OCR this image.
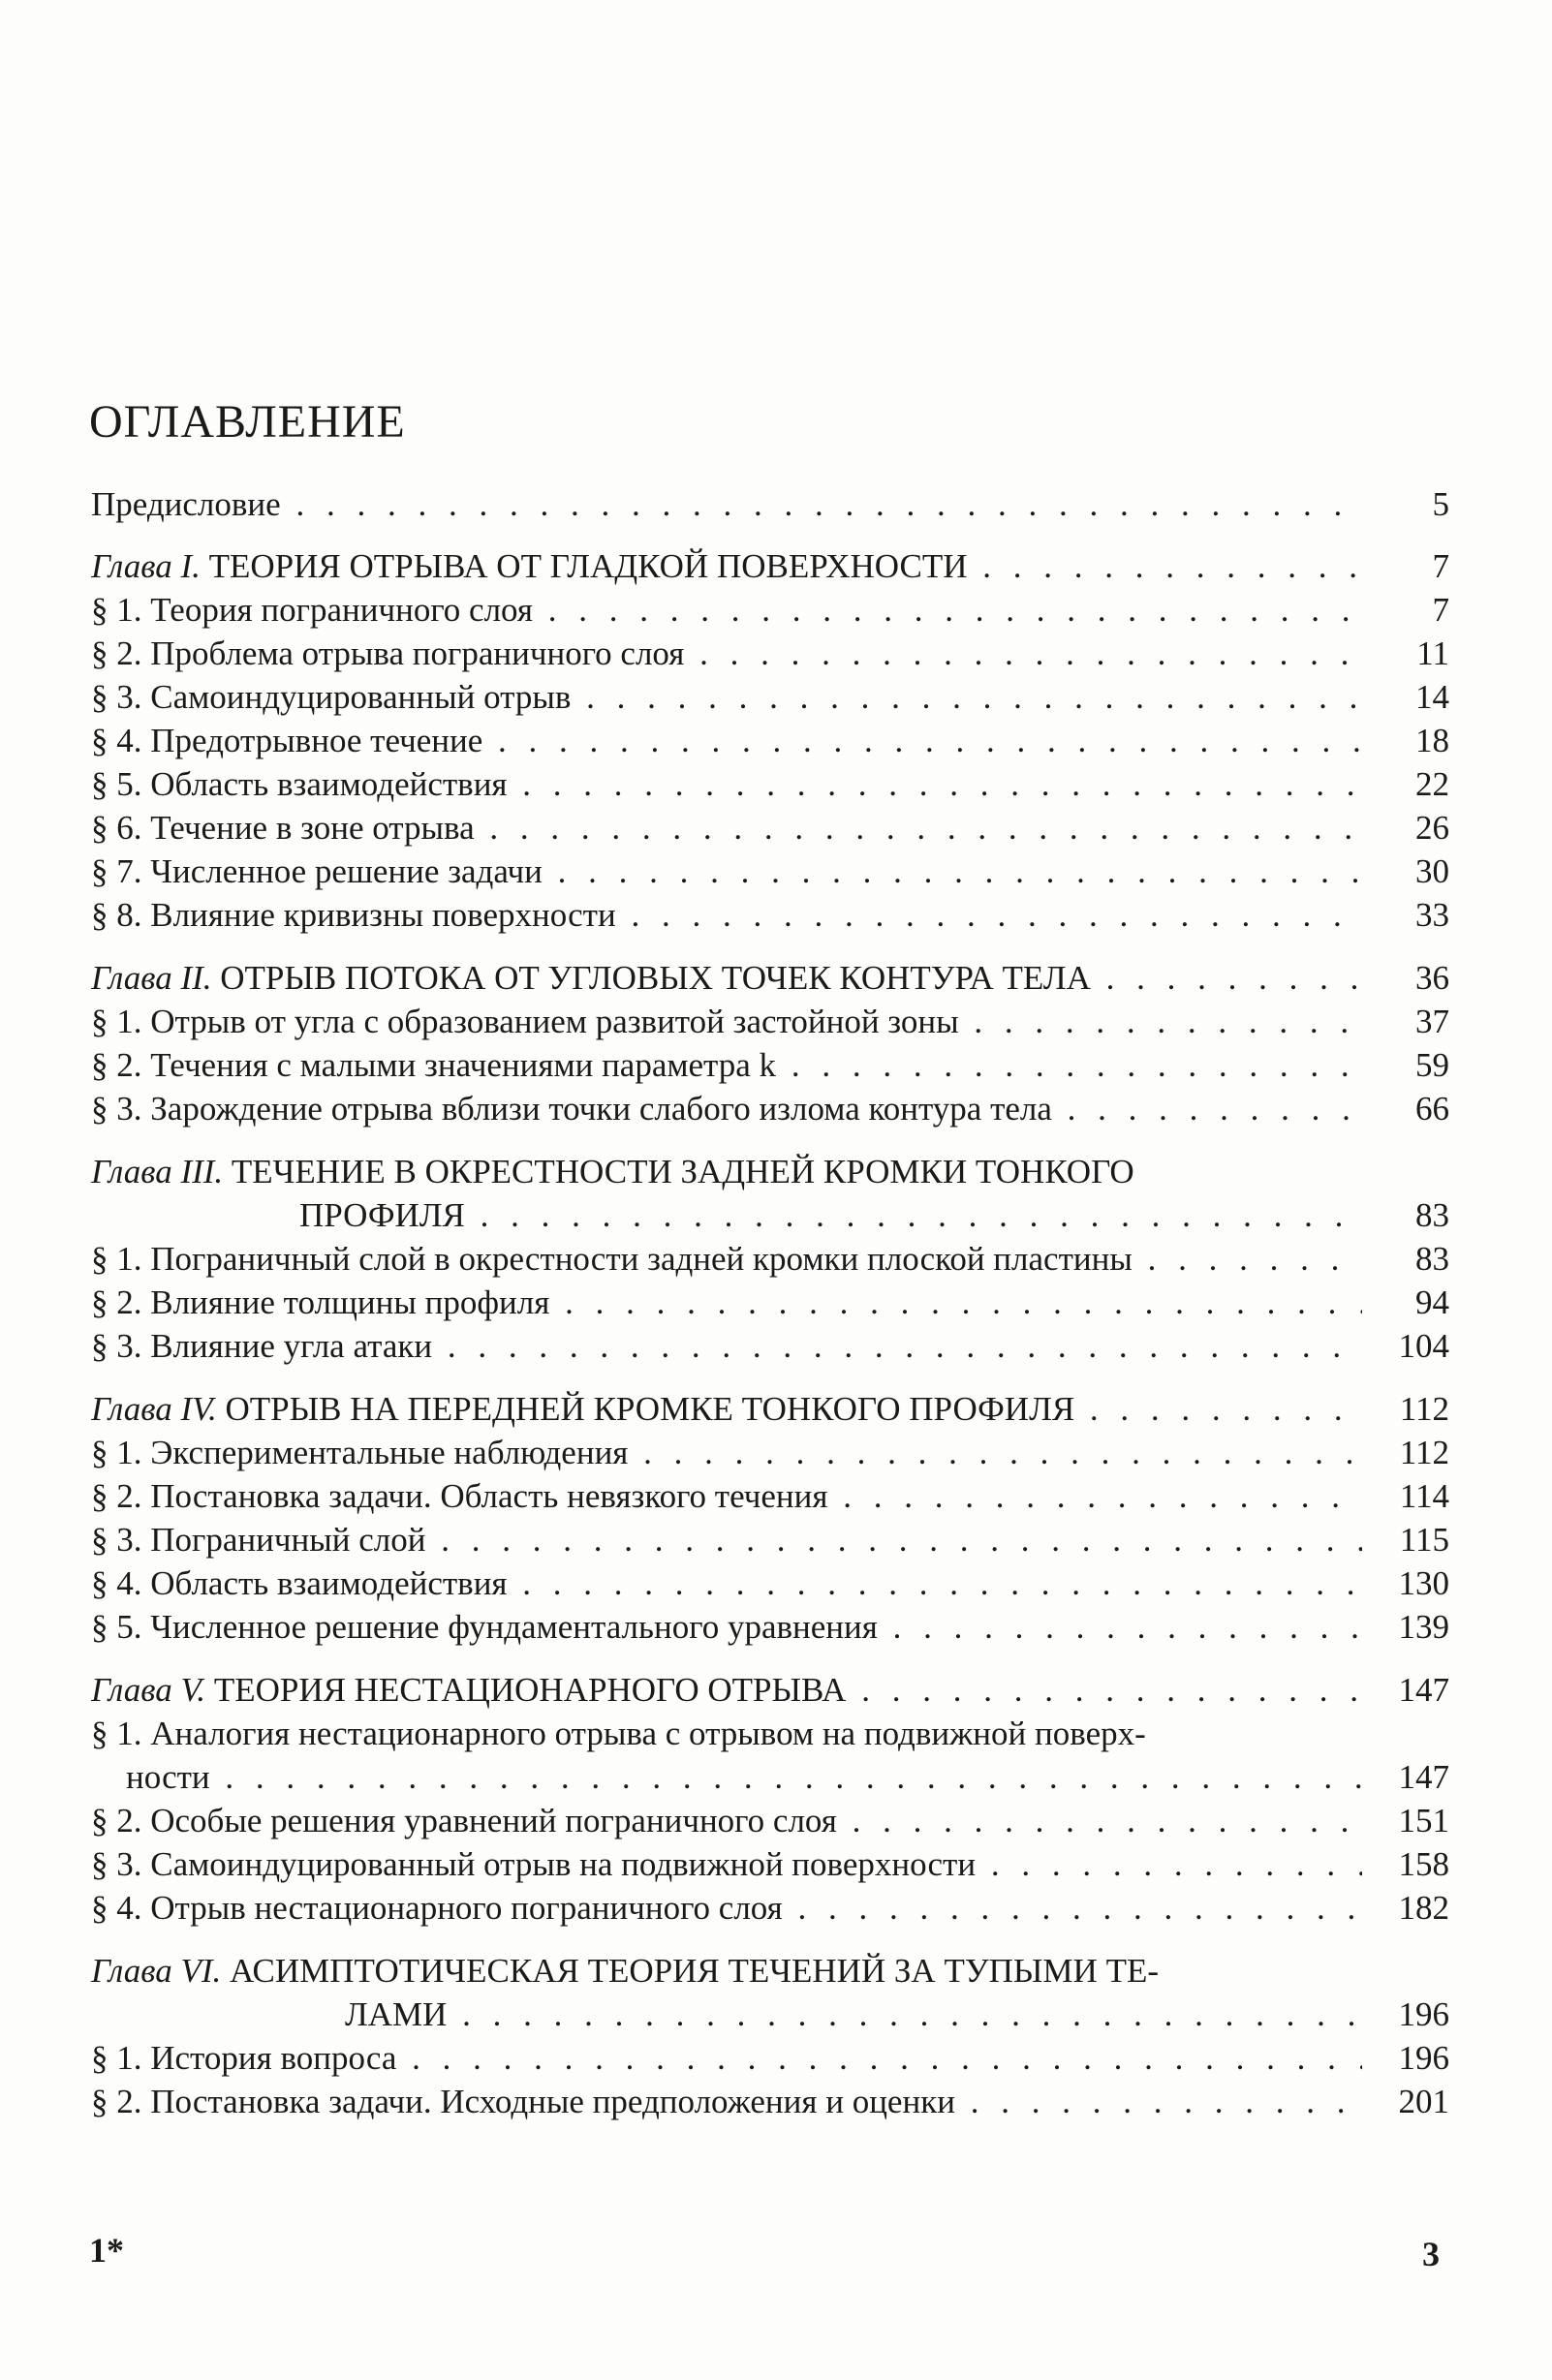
ОГЛАВЛЕНИЕ
Предисловие . . .	5
Глава I. ТЕОРИЯ ОТРЫВА ОТ ГЛАДКОЙ ПОВЕРХНОСТИ . . .	7
§ 1. Теория пограничного слоя . . .	7
§ 2. Проблема отрыва пограничного слоя . . .	11
§ 3. Самоиндуцированный отрыв . . .	14
§ 4. Предотрывное течение . . .	18
§ 5. Область взаимодействия . . .	22
§ 6. Течение в зоне отрыва . . .	26
§ 7. Численное решение задачи . . .	30
§ 8. Влияние кривизны поверхности . . .	33
Глава II. ОТРЫВ ПОТОКА ОТ УГЛОВЫХ ТОЧЕК КОНТУРА ТЕЛА . . .	36
§ 1. Отрыв от угла с образованием развитой застойной зоны . . .	37
§ 2. Течения с малыми значениями параметра k . . .	59
§ 3. Зарождение отрыва вблизи точки слабого излома контура тела . . .	66
Глава III. ТЕЧЕНИЕ В ОКРЕСТНОСТИ ЗАДНЕЙ КРОМКИ ТОНКОГО
ПРОФИЛЯ . . .	83
§ 1. Пограничный слой в окрестности задней кромки плоской пластины . . .	83
§ 2. Влияние толщины профиля . . .	94
§ 3. Влияние угла атаки . . .	104
Глава IV. ОТРЫВ НА ПЕРЕДНЕЙ КРОМКЕ ТОНКОГО ПРОФИЛЯ . . .	112
§ 1. Экспериментальные наблюдения . . .	112
§ 2. Постановка задачи. Область невязкого течения . . .	114
§ 3. Пограничный слой . . .	115
§ 4. Область взаимодействия . . .	130
§ 5. Численное решение фундаментального уравнения . . .	139
Глава V. ТЕОРИЯ НЕСТАЦИОНАРНОГО ОТРЫВА . . .	147
§ 1. Аналогия нестационарного отрыва с отрывом на подвижной поверх-
ности . . .	147
§ 2. Особые решения уравнений пограничного слоя . . .	151
§ 3. Самоиндуцированный отрыв на подвижной поверхности . . .	158
§ 4. Отрыв нестационарного пограничного слоя . . .	182
Глава VI. АСИМПТОТИЧЕСКАЯ ТЕОРИЯ ТЕЧЕНИЙ ЗА ТУПЫМИ ТЕ-
ЛАМИ . . .	196
§ 1. История вопроса . . .	196
§ 2. Постановка задачи. Исходные предположения и оценки . . .	201
1*	3
